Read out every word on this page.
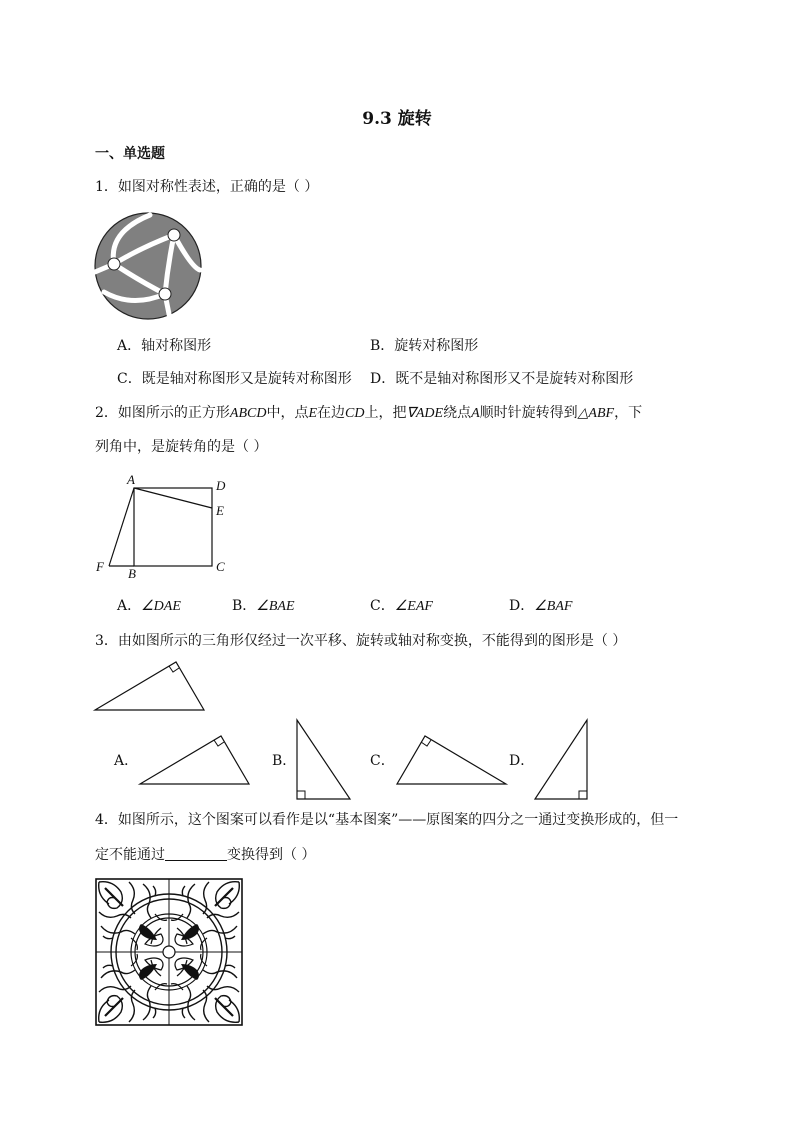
9.3 旋转
一、单选题
1．如图对称性表述，正确的是（ ）
A．轴对称图形	B．旋转对称图形
C．既是轴对称图形又是旋转对称图形 D．既不是轴对称图形又不是旋转对称图形
2．如图所示的正方形ABCD中，点E在边CD上，把∇ADE绕点A顺时针旋转得到△ABF，下
列角中，是旋转角的是（ ）
A	D
E
C
B
F
A．∠DAE	B．∠BAE	C．∠EAF	D．∠BAF
3．由如图所示的三角形仅经过一次平移、旋转或轴对称变换，不能得到的图形是（ ）
A．	B．	C．	D．
4．如图所示，这个图案可以看作是以“基本图案”——原图案的四分之一通过变换形成的，但一
定不能通过	变换得到（ ）
